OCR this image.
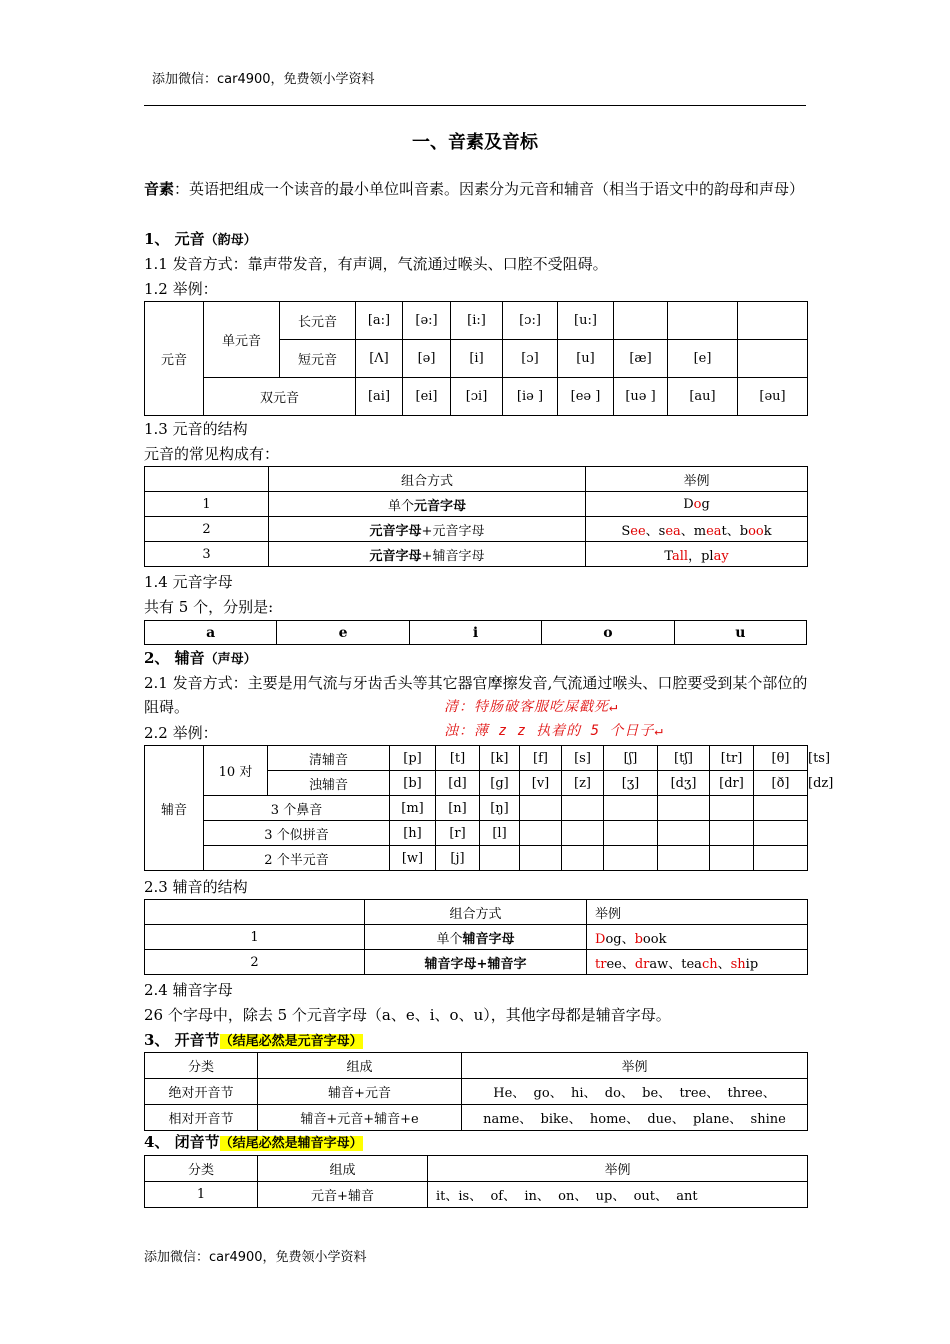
添加微信：car4900，免费领小学资料
一、音素及音标
音素：英语把组成一个读音的最小单位叫音素。因素分为元音和辅音（相当于语文中的韵母和声母）
1、 元音（韵母）
1.1 发音方式：靠声带发音，有声调，气流通过喉头、口腔不受阻碍。
1.2 举例：
元音	单元音	长元音	[a:]	[ə:]	[i:]	[ɔ:]	[u:]			
		短元音	[Λ]	[ə]	[i]	[ɔ]	[u]	[æ]	[e]	
	双元音		[ai]	[ei]	[ɔi]	[iə ]	[eə ]	[uə ]	[au]	[əu]
1.3 元音的结构
元音的常见构成有：
	组合方式	举例
1	单个元音字母	Dog
2	元音字母+元音字母	See、sea、meat、book
3	元音字母+辅音字母	Tall，play
1.4 元音字母
共有 5 个，分别是:
a	e	i	o	u
2、 辅音（声母）
2.1 发音方式：主要是用气流与牙齿舌头等其它器官摩擦发音,气流通过喉头、口腔要受到某个部位的阻碍。	清：特肠破客服吃屎戳死↵
浊：薄 z z 执着的 5 个日子↵
2.2 举例：
辅音	10 对	清辅音	[p]	[t]	[k]	[f]	[s]	[ʃ]	[tʃ]	[tr]	[θ]	[ts]
		浊辅音	[b]	[d]	[g]	[v]	[z]	[ʒ]	[dʒ]	[dr]	[ð]	[dz]
	3 个鼻音		[m]	[n]	[ŋ]							
	3 个似拼音		[h]	[r]	[l]							
	2 个半元音		[w]	[j]								
2.3 辅音的结构
	组合方式	举例
1	单个辅音字母	Dog、book
2	辅音字母+辅音字	tree、draw、teach、ship
2.4 辅音字母
26 个字母中，除去 5 个元音字母（a、e、i、o、u），其他字母都是辅音字母。
3、 开音节（结尾必然是元音字母）
分类	组成	举例
绝对开音节	辅音+元音	He、  go、  hi、  do、  be、  tree、  three、
相对开音节	辅音+元音+辅音+e	name、  bike、  home、  due、  plane、  shine
4、 闭音节（结尾必然是辅音字母）
分类	组成	举例
1	元音+辅音	it、is、  of、  in、  on、  up、  out、  ant
添加微信：car4900，免费领小学资料
